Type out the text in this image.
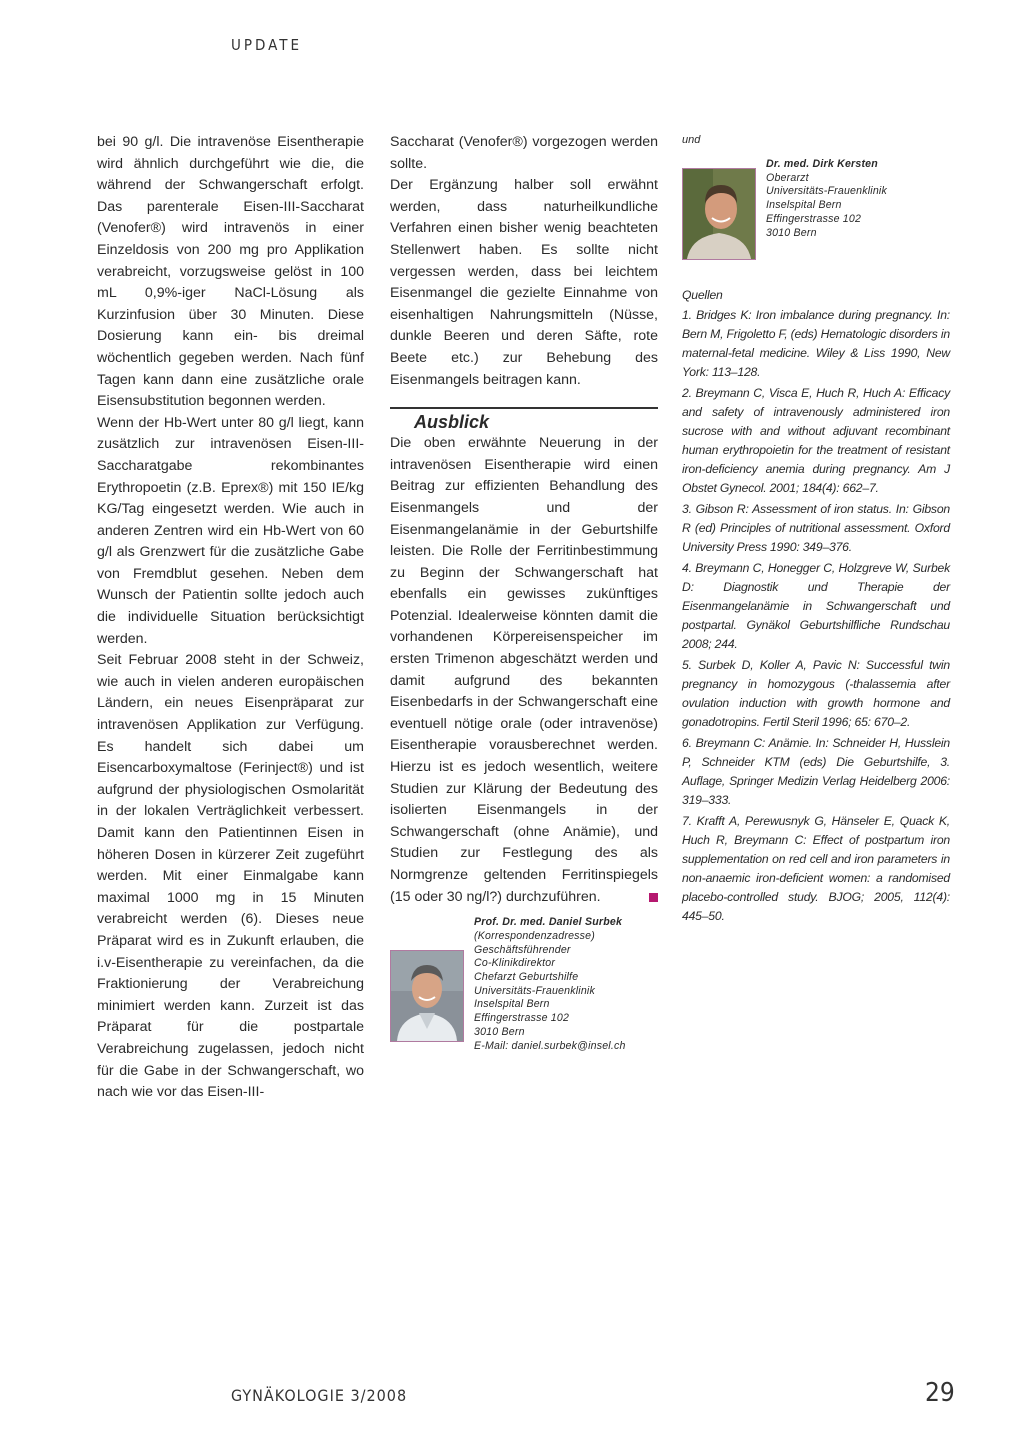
UPDATE

bei 90 g/l. Die intravenöse Eisentherapie wird ähnlich durchgeführt wie die, die während der Schwangerschaft erfolgt. Das parenterale Eisen-III-Saccharat (Venofer®) wird intravenös in einer Einzeldosis von 200 mg pro Applikation verabreicht, vorzugsweise gelöst in 100 mL 0,9%-iger NaCl-Lösung als Kurzinfusion über 30 Minuten. Diese Dosierung kann ein- bis dreimal wöchentlich gegeben werden. Nach fünf Tagen kann dann eine zusätzliche orale Eisensubstitution begonnen werden.

Wenn der Hb-Wert unter 80 g/l liegt, kann zusätzlich zur intravenösen Eisen-III-Saccharatgabe rekombinantes Erythropoetin (z.B. Eprex®) mit 150 IE/kg KG/Tag eingesetzt werden. Wie auch in anderen Zentren wird ein Hb-Wert von 60 g/l als Grenzwert für die zusätzliche Gabe von Fremdblut gesehen. Neben dem Wunsch der Patientin sollte jedoch auch die individuelle Situation berücksichtigt werden.

Seit Februar 2008 steht in der Schweiz, wie auch in vielen anderen europäischen Ländern, ein neues Eisenpräparat zur intravenösen Applikation zur Verfügung. Es handelt sich dabei um Eisencarboxymaltose (Ferinject®) und ist aufgrund der physiologischen Osmolarität in der lokalen Verträglichkeit verbessert. Damit kann den Patientinnen Eisen in höheren Dosen in kürzerer Zeit zugeführt werden. Mit einer Einmalgabe kann maximal 1000 mg in 15 Minuten verabreicht werden (6). Dieses neue Präparat wird es in Zukunft erlauben, die i.v-Eisentherapie zu vereinfachen, da die Fraktionierung der Verabreichung minimiert werden kann. Zurzeit ist das Präparat für die postpartale Verabreichung zugelassen, jedoch nicht für die Gabe in der Schwangerschaft, wo nach wie vor das Eisen-III-

Saccharat (Venofer®) vorgezogen werden sollte.

Der Ergänzung halber soll erwähnt werden, dass naturheilkundliche Verfahren einen bisher wenig beachteten Stellenwert haben. Es sollte nicht vergessen werden, dass bei leichtem Eisenmangel die gezielte Einnahme von eisenhaltigen Nahrungsmitteln (Nüsse, dunkle Beeren und deren Säfte, rote Beete etc.) zur Behebung des Eisenmangels beitragen kann.

Ausblick

Die oben erwähnte Neuerung in der intravenösen Eisentherapie wird einen Beitrag zur effizienten Behandlung des Eisenmangels und der Eisenmangelanämie in der Geburtshilfe leisten. Die Rolle der Ferritinbestimmung zu Beginn der Schwangerschaft hat ebenfalls ein gewisses zukünftiges Potenzial. Idealerweise könnten damit die vorhandenen Körpereisenspeicher im ersten Trimenon abgeschätzt werden und damit aufgrund des bekannten Eisenbedarfs in der Schwangerschaft eine eventuell nötige orale (oder intravenöse) Eisentherapie vorausberechnet werden. Hierzu ist es jedoch wesentlich, weitere Studien zur Klärung der Bedeutung des isolierten Eisenmangels in der Schwangerschaft (ohne Anämie), und Studien zur Festlegung des als Normgrenze geltenden Ferritinspiegels (15 oder 30 ng/l?) durchzuführen.

Prof. Dr. med. Daniel Surbek
(Korrespondenzadresse)
Geschäftsführender
Co-Klinikdirektor
Chefarzt Geburtshilfe
Universitäts-Frauenklinik
Inselspital Bern
Effingerstrasse 102
3010 Bern
E-Mail: daniel.surbek@insel.ch
und
Dr. med. Dirk Kersten
Oberarzt
Universitäts-Frauenklinik
Inselspital Bern
Effingerstrasse 102
3010 Bern
Quellen
1. Bridges K: Iron imbalance during pregnancy. In: Bern M, Frigoletto F, (eds) Hematologic disorders in maternal-fetal medicine. Wiley & Liss 1990, New York: 113–128.
2. Breymann C, Visca E, Huch R, Huch A: Efficacy and safety of intravenously administered iron sucrose with and without adjuvant recombinant human erythropoietin for the treatment of resistant iron-deficiency anemia during pregnancy. Am J Obstet Gynecol. 2001; 184(4): 662–7.
3. Gibson R: Assessment of iron status. In: Gibson R (ed) Principles of nutritional assessment. Oxford University Press 1990: 349–376.
4. Breymann C, Honegger C, Holzgreve W, Surbek D: Diagnostik und Therapie der Eisenmangelanämie in Schwangerschaft und postpartal. Gynäkol Geburtshilfliche Rundschau 2008; 244.
5. Surbek D, Koller A, Pavic N: Successful twin pregnancy in homozygous (-thalassemia after ovulation induction with growth hormone and gonadotropins. Fertil Steril 1996; 65: 670–2.
6. Breymann C: Anämie. In: Schneider H, Husslein P, Schneider KTM (eds) Die Geburtshilfe, 3. Auflage, Springer Medizin Verlag Heidelberg 2006: 319–333.
7. Krafft A, Perewusnyk G, Hänseler E, Quack K, Huch R, Breymann C: Effect of postpartum iron supplementation on red cell and iron parameters in non-anaemic iron-deficient women: a randomised placebo-controlled study. BJOG; 2005, 112(4): 445–50.
GYNÄKOLOGIE 3/2008	29
